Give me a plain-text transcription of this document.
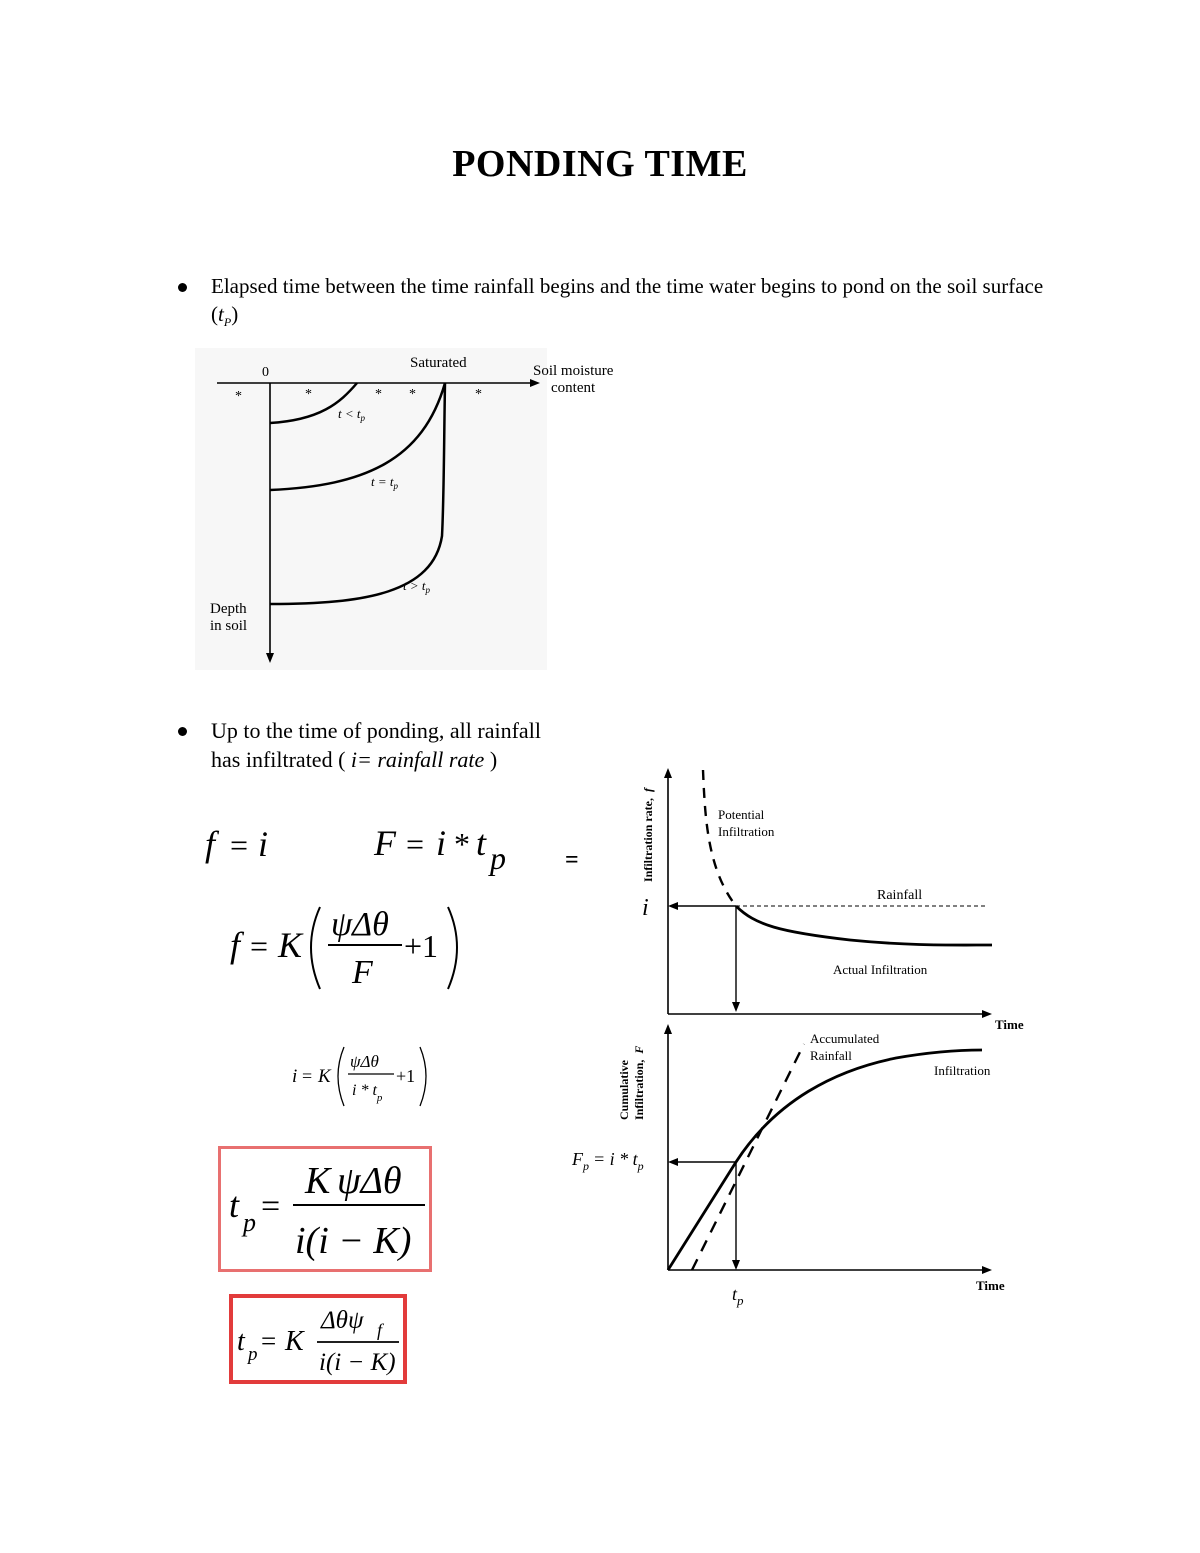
PONDING TIME
Elapsed time between the time rainfall begins and the time water begins to pond on the soil surface $(t_P)$
0
Saturated	Soil moisture
content
Depth
in soil
*	*	* *	*
$t < t_p$
$t = t_p$
$t > t_p$
Up to the time of ponding, all rainfall has infiltrated ( i= rainfall rate )
f = i	F = i * t p =
f = K
ψΔθ
F
+1
i = K
ψΔθ
i * $t_p$
+1
t p =
K ψΔθ
i(i − K)
t p = K
Δθψ f
i(i − K)
i
Infiltration rate,f
Potential
Infiltration
Rainfall
Actual Infiltration
Time
Cumulative Infiltration,F
Accumulated
Rainfall
Infiltration
$F_p = i * t_p$
$t_p$
Time
